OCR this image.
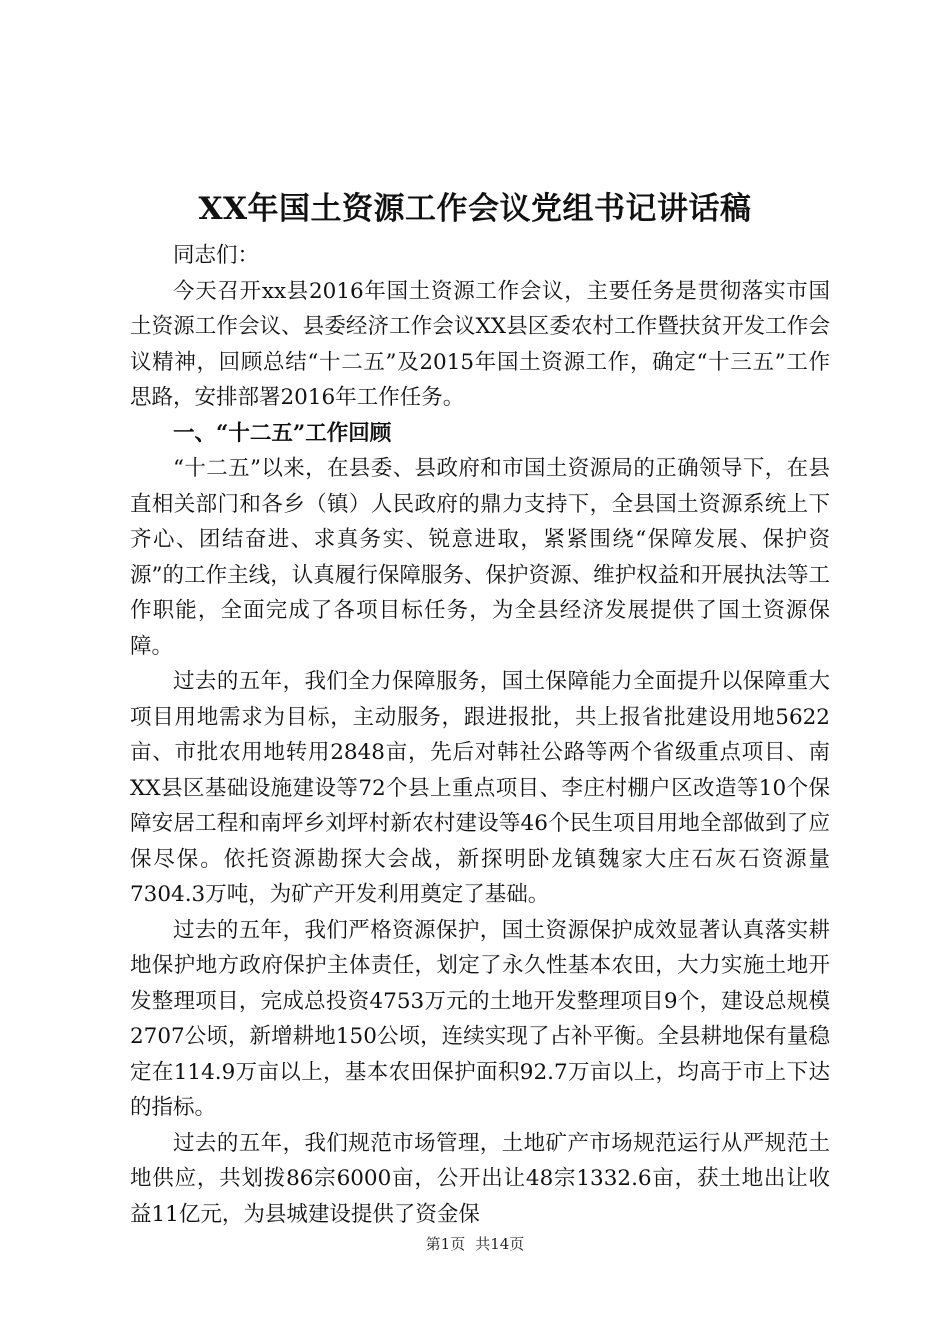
XX年国土资源工作会议党组书记讲话稿

同志们：

今天召开xx县2016年国土资源工作会议，主要任务是贯彻落实市国土资源工作会议、县委经济工作会议XX县区委农村工作暨扶贫开发工作会议精神，回顾总结“十二五”及2015年国土资源工作，确定“十三五”工作思路，安排部署2016年工作任务。

一、“十二五”工作回顾

“十二五”以来，在县委、县政府和市国土资源局的正确领导下，在县直相关部门和各乡（镇）人民政府的鼎力支持下，全县国土资源系统上下齐心、团结奋进、求真务实、锐意进取，紧紧围绕“保障发展、保护资源”的工作主线，认真履行保障服务、保护资源、维护权益和开展执法等工作职能，全面完成了各项目标任务，为全县经济发展提供了国土资源保障。

过去的五年，我们全力保障服务，国土保障能力全面提升以保障重大项目用地需求为目标，主动服务，跟进报批，共上报省批建设用地5622亩、市批农用地转用2848亩，先后对韩社公路等两个省级重点项目、南XX县区基础设施建设等72个县上重点项目、李庄村棚户区改造等10个保障安居工程和南坪乡刘坪村新农村建设等46个民生项目用地全部做到了应保尽保。依托资源勘探大会战，新探明卧龙镇魏家大庄石灰石资源量7304.3万吨，为矿产开发利用奠定了基础。

过去的五年，我们严格资源保护，国土资源保护成效显著认真落实耕地保护地方政府保护主体责任，划定了永久性基本农田，大力实施土地开发整理项目，完成总投资4753万元的土地开发整理项目9个，建设总规模2707公顷，新增耕地150公顷，连续实现了占补平衡。全县耕地保有量稳定在114.9万亩以上，基本农田保护面积92.7万亩以上，均高于市上下达的指标。

过去的五年，我们规范市场管理，土地矿产市场规范运行从严规范土地供应，共划拨86宗6000亩，公开出让48宗1332.6亩，获土地出让收益11亿元，为县城建设提供了资金保

第1页 共14页
